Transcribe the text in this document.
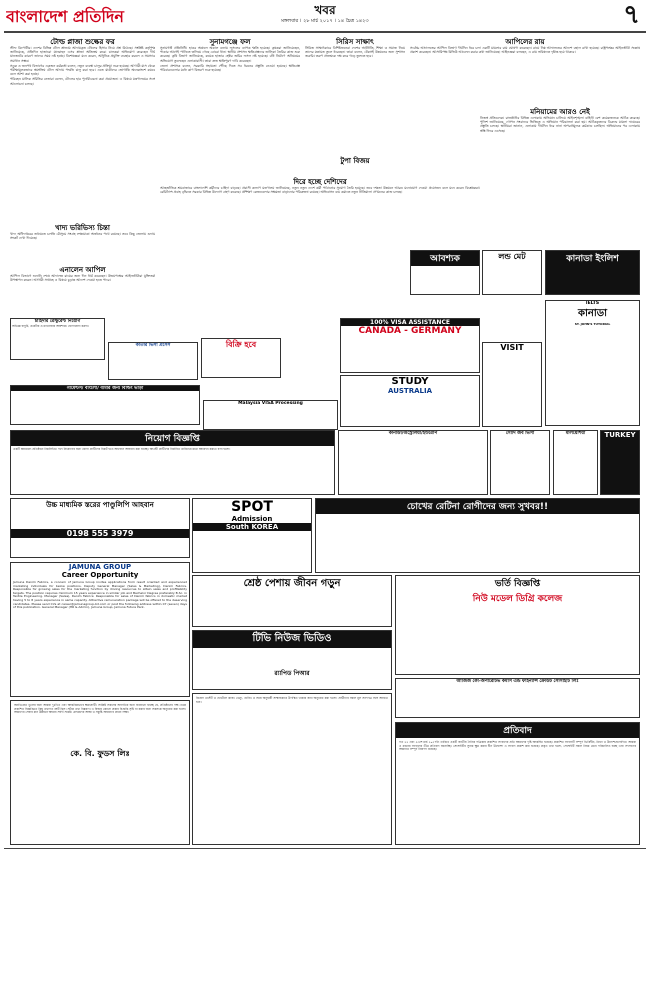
বাংলাদেশ প্রতিদিন	খবর
মঙ্গলবার । ২৮ মার্চ ২০১৭ । ১৪ চৈত্র ১৪২৩	৭
টোল্ড প্লাজা শুল্কের ফর

স্টাফ রিপোর্টার। দেশের বিভিন্ন টোল প্লাজায় আদায়কৃত টোলের হিসাব নিয়ে প্রশ্ন উঠেছে। সংশ্লিষ্ট কর্তৃপক্ষ জানিয়েছে, প্রতিদিন হাজারো যানবাহন এসব প্লাজা অতিক্রম করে। চালকরা অভিযোগ করেছেন দীর্ঘ যানজটের কারণে তাদের সময় নষ্ট হচ্ছে। বিশেষজ্ঞরা মনে করেন, আধুনিক প্রযুক্তি ব্যবহার করলে এ সমস্যার সমাধান সম্ভব।

সড়ক ও জনপথ বিভাগের একজন কর্মকর্তা বলেন, নতুন ব্যবস্থা চালুর প্রক্রিয়া শুরু হয়েছে। আগামী মাস থেকে পরীক্ষামূলকভাবে স্বয়ংক্রিয় টোল আদায় পদ্ধতি চালু করা হবে। এতে যাত্রীদের ভোগান্তি অনেকাংশে কমবে বলে আশা করা হচ্ছে।

পরিবহন মালিক সমিতির নেতারা বলেন, টোলের হার পুনর্বিবেচনা করা প্রয়োজন। এ বিষয়ে মন্ত্রণালয়ের সঙ্গে আলোচনা চলছে।

খাদ্য ভরিভিস্য চিন্তা

খাদ্য অধিদপ্তরের তথ্যমতে চলতি মৌসুমে সংগ্রহ লক্ষ্যমাত্রা অর্জনের পথে রয়েছে। তবে কিছু জেলায় গুদাম সংকট দেখা দিয়েছে।

এনালেন আপিল

আপিল বিভাগে শুনানি শেষে আদালত রায়ের জন্য দিন ধার্য করেছেন। উভয়পক্ষের আইনজীবীরা যুক্তিতর্ক উপস্থাপন করেন। আগামী সপ্তাহে এ বিষয়ে চূড়ান্ত আদেশ দেওয়া হতে পারে।

সুনামগঞ্জে ফল

সুনামগঞ্জ প্রতিনিধি। হাওর অঞ্চলে অকাল বন্যায় ফসলের ব্যাপক ক্ষতি হয়েছে। কৃষকরা জানিয়েছেন, পাকার আগেই পানিতে তলিয়ে গেছে বোরো ধান। স্থানীয় প্রশাসন ক্ষতিগ্রস্তদের তালিকা তৈরির কাজ শুরু করেছে। কৃষি বিভাগ জানিয়েছে, কয়েক হাজার হেক্টর জমির ফসল নষ্ট হয়েছে। বাঁধ নির্মাণে অনিয়মের অভিযোগ তুলেছেন এলাকাবাসী। তারা দ্রুত ক্ষতিপূরণ দাবি করেছেন।

জেলা প্রশাসক বলেন, সরকারি সহায়তা পৌঁছে দিতে সব ধরনের প্রস্তুতি নেওয়া হয়েছে। ক্ষতিগ্রস্ত পরিবারগুলোর মধ্যে ত্রাণ বিতরণ শুরু হয়েছে।

দিরে হচ্ছে দেশিদের

আন্তর্জাতিক শ্রমবাজারে বাংলাদেশি কর্মীদের চাহিদা বাড়ছে। প্রবাসী কল্যাণ মন্ত্রণালয় জানিয়েছে, নতুন নতুন দেশে কর্মী পাঠানোর সুযোগ তৈরি হয়েছে। তবে দক্ষতা উন্নয়নে আরও মনোযোগ দেওয়া প্রয়োজন বলে মনে করেন বিশ্লেষকরা। রেমিট্যান্স প্রবাহ বৃদ্ধিতে সরকার বিভিন্ন উদ্যোগ গ্রহণ করেছে। প্রশিক্ষণ কেন্দ্রগুলোর সক্ষমতা বাড়ানোর পরিকল্পনা রয়েছে। অভিবাসন ব্যয় কমাতে নতুন নীতিমালা প্রণয়নের কাজ চলছে।

সিরিস সাক্ষাৎ

সিরিজ সাক্ষাৎকারে বিশিষ্টজনেরা দেশের অর্থনীতি, শিক্ষা ও সমাজ নিয়ে তাদের মতামত তুলে ধরেছেন। তারা বলেন, টেকসই উন্নয়নের জন্য সুশাসন জরুরি। তরুণ প্রজন্মকে দক্ষ করে গড়ে তুলতে হবে।

টুপা বিজয়
আপিলের রায়

সর্বোচ্চ আদালতের আপিল বিভাগ দীর্ঘদিন ধরে চলা একটি মামলার রায় ঘোষণা করেছেন। রায়ে নিম্ন আদালতের আদেশ বহাল রাখা হয়েছে। রাষ্ট্রপক্ষের আইনজীবী সন্তোষ প্রকাশ করেছেন। আসামিপক্ষ রিভিউ আবেদন করার কথা জানিয়েছে। আইনজ্ঞরা বলছেন, এ রায় ভবিষ্যতে দৃষ্টান্ত হয়ে থাকবে।

মনিয়ামের আরও নেই

নিজস্ব প্রতিবেদক। রাজধানীর বিভিন্ন এলাকায় অভিযান চালিয়ে আইনশৃঙ্খলা বাহিনী বেশ কয়েকজনকে আটক করেছে। পুলিশ জানিয়েছে, গোপন সংবাদের ভিত্তিতে এ অভিযান পরিচালনা করা হয়। আটককৃতদের বিরুদ্ধে মামলা দায়েরের প্রস্তুতি চলছে। স্থানীয়রা জানান, এলাকায় দীর্ঘদিন ধরে নানা অপরাধমূলক কর্মকাণ্ড চলছিল। অভিযানের পর এলাকায় স্বস্তি ফিরে এসেছে।

চাহিদার রেস্টুরেন্ট নিয়োগ
অভিজ্ঞ বাবুর্চি, ওয়েটার ও ম্যানেজার আবশ্যক। যোগাযোগ করুন।
কাতার ভিসা প্রসেস	বিক্রি হবে
আবশ্যক	লন্ড মেট	কানাডা ইংলিশ
গার্মেন্টস/ বাংলো/ বীমার জন্য বিল্ডিং ভাড়া
Malaysia VISA Processing
100% VISA ASSISTANCE
CANADA - GERMANY
STUDY
AUSTRALIA
VISIT
IELTS
কানাডা
ST. JOHN'S TUTORIAL
নিয়োগ বিজ্ঞপ্তি
একটি স্বনামধন্য প্রতিষ্ঠানে নিম্নলিখিত পদে নিয়োগের জন্য যোগ্য প্রার্থীদের নিকট হতে আবেদন আহবান করা যাচ্ছে। আগ্রহী প্রার্থীদের নির্ধারিত তারিখের মধ্যে আবেদন করতে বলা হলো।
কানাডা/অস্ট্রেলিয়া/ইউরোপ	সৌদি জব ভিসা	মালয়েশিয়া	TURKEY
উচ্চ মাধ্যমিক স্তরের পাণ্ডুলিপি আহবান
0198 555 3979
SPOT
Admission
South KOREA
চোখের রেটিনা রোগীদের জন্য সুখবর!!
JAMUNA GROUP
Career Opportunity
Jamuna Denim Fabrics, a concern of Jamuna Group invites applications from result oriented and experienced marketing individuals for below positions. Deputy General Manager (Sales & Marketing), Denim Fabrics. Responsible for growing sales for the marketing function by driving resources to attain sales and profitability targets. The position requires minimum 15 years experience in similar job and Bachelor Degree preferably B.Sc. in Textile Engineering. Manager (Sales), Denim Fabrics: Responsible for sales of Denim fabrics in domestic market having 5 to 8 years experience in same capacity. Attractive remuneration package will be offered to the deserving candidates. Please send CVs at career@jamunagroup-bd.com or post the following address within 07 (seven) days of this publication. General Manager (HR & Admin), Jamuna Group, Jamuna Future Park.
শ্রেষ্ঠ পেশায় জীবন গড়ুন	ভর্তি বিজ্ঞপ্তি
নিউ মডেল ডিগ্রি কলেজ
টিভি নিউজ ভিডিও
র‍্যাপিড পিআর
আজিজ কো-অপারেটিভ কমার্স এন্ড ফাইন্যান্স ক্রেডিট সোসাইটি লিঃ
অনভিপ্রেত ভুলের জন্য আমরা দুঃখিত এবং আন্তরিকভাবে ক্ষমাপ্রার্থী। সংশ্লিষ্ট সকলের অবগতির জন্য জানানো যাচ্ছে যে, প্রতিষ্ঠানের পক্ষ থেকে প্রকাশিত বিজ্ঞপ্তিতে কিছু তথ্যগত ত্রুটি ছিল। সঠিক তথ্য নিম্নরূপ। এ বিষয়ে কোনো প্রকার বিভ্রান্তি সৃষ্টি না করার জন্য সকলকে অনুরোধ করা হলো। আমাদের সেবার মান উন্নয়নে আমরা সর্বদা সচেষ্ট। গ্রাহকদের আস্থা ও সন্তুষ্টি আমাদের প্রধান লক্ষ্য।
কে. বি. ফুডস লিঃ
রিয়েল এস্টেট ও হোটেলে কাজ। ভেন্যু, তারিখ ও সময় অনুযায়ী সাক্ষাৎকারে উপস্থিত থাকার জন্য অনুরোধ করা হলো। প্রার্থীদের সকল মূল সনদপত্র সঙ্গে আনতে হবে।
প্রতিবাদ
গত ২২ এবং ২৩শে মার্চ ২০১৭ইং তারিখে একটি জাতীয় দৈনিক পত্রিকায় প্রকাশিত সংবাদের প্রতি আমাদের দৃষ্টি আকর্ষিত হয়েছে। প্রকাশিত সংবাদটি সম্পূর্ণ ভিত্তিহীন, মিথ্যা ও উদ্দেশ্যপ্রণোদিত। আমরা এ ধরনের সংবাদের তীব্র প্রতিবাদ জানাচ্ছি। সোসাইটির সুনাম ক্ষুণ্ণ করার হীন উদ্দেশ্যে এ সংবাদ প্রকাশ করা হয়েছে। প্রকৃত তথ্য হলো, সোসাইটি সকল নিয়ম মেনে পরিচালিত হচ্ছে এবং সদস্যদের আমানত সম্পূর্ণ নিরাপদ রয়েছে।
